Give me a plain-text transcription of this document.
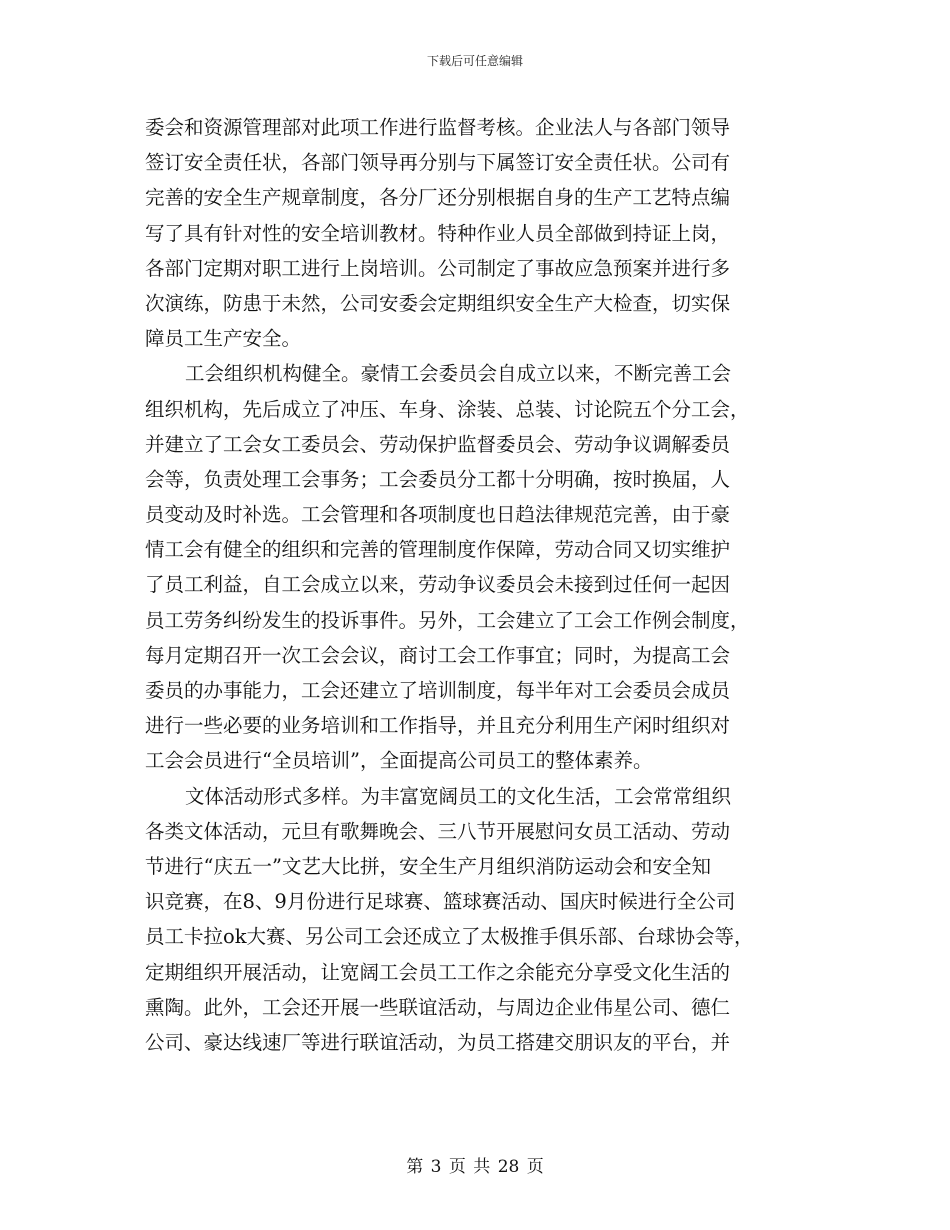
下载后可任意编辑
委会和资源管理部对此项工作进行监督考核。企业法人与各部门领导
签订安全责任状，各部门领导再分别与下属签订安全责任状。公司有
完善的安全生产规章制度，各分厂还分别根据自身的生产工艺特点编
写了具有针对性的安全培训教材。特种作业人员全部做到持证上岗，
各部门定期对职工进行上岗培训。公司制定了事故应急预案并进行多
次演练，防患于未然，公司安委会定期组织安全生产大检查，切实保
障员工生产安全。
工会组织机构健全。豪情工会委员会自成立以来，不断完善工会
组织机构，先后成立了冲压、车身、涂装、总装、讨论院五个分工会，
并建立了工会女工委员会、劳动保护监督委员会、劳动争议调解委员
会等，负责处理工会事务；工会委员分工都十分明确，按时换届，人
员变动及时补选。工会管理和各项制度也日趋法律规范完善，由于豪
情工会有健全的组织和完善的管理制度作保障，劳动合同又切实维护
了员工利益，自工会成立以来，劳动争议委员会未接到过任何一起因
员工劳务纠纷发生的投诉事件。另外，工会建立了工会工作例会制度，
每月定期召开一次工会会议，商讨工会工作事宜；同时，为提高工会
委员的办事能力，工会还建立了培训制度，每半年对工会委员会成员
进行一些必要的业务培训和工作指导，并且充分利用生产闲时组织对
工会会员进行“全员培训”，全面提高公司员工的整体素养。
文体活动形式多样。为丰富宽阔员工的文化生活，工会常常组织
各类文体活动，元旦有歌舞晚会、三八节开展慰问女员工活动、劳动
节进行“庆五一”文艺大比拼，安全生产月组织消防运动会和安全知
识竞赛，在8、9月份进行足球赛、篮球赛活动、国庆时候进行全公司
员工卡拉ok大赛、另公司工会还成立了太极推手俱乐部、台球协会等，
定期组织开展活动，让宽阔工会员工工作之余能充分享受文化生活的
熏陶。此外，工会还开展一些联谊活动，与周边企业伟星公司、德仁
公司、豪达线速厂等进行联谊活动，为员工搭建交朋识友的平台，并
第 3 页 共 28 页
